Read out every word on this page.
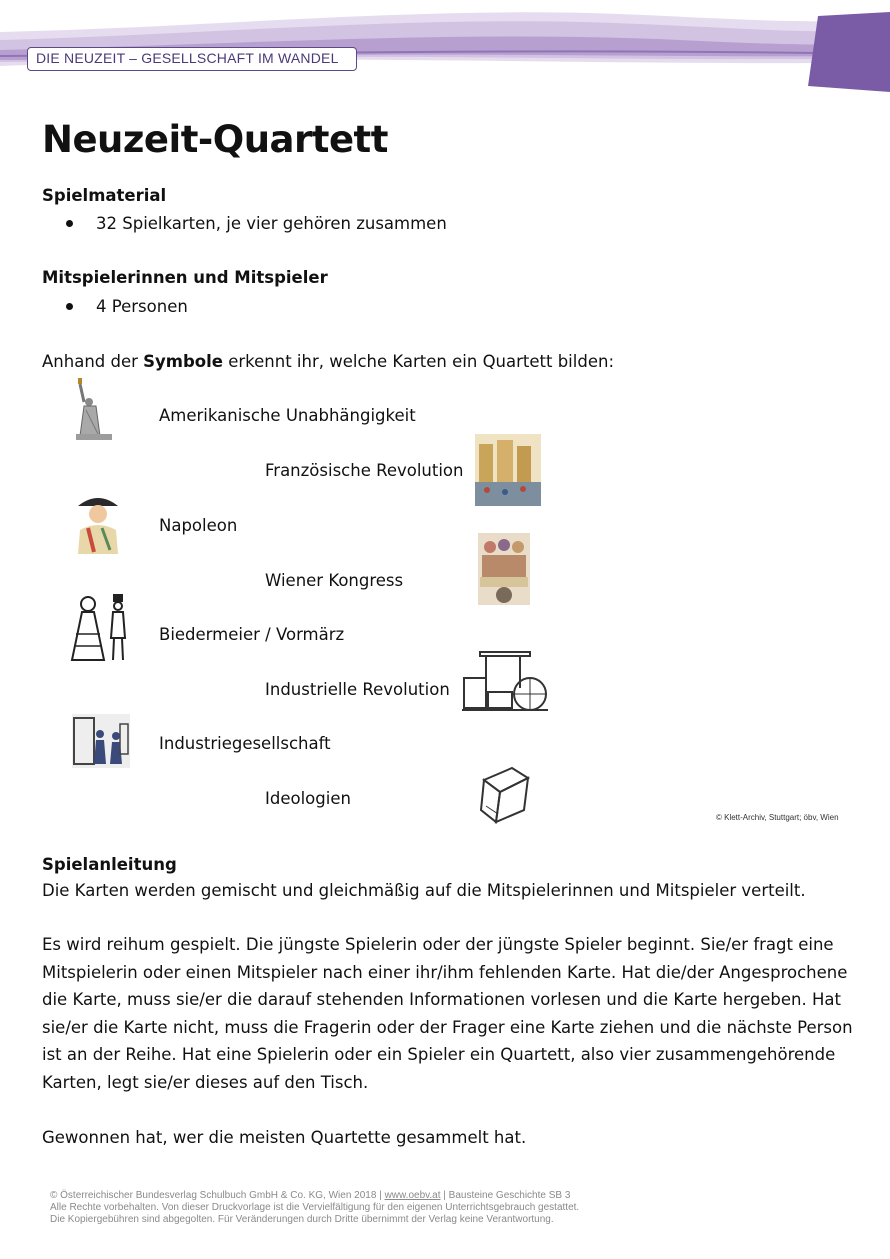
DIE NEUZEIT – GESELLSCHAFT IM WANDEL
Neuzeit-Quartett
Spielmaterial
32 Spielkarten, je vier gehören zusammen
Mitspielerinnen und Mitspieler
4 Personen
Anhand der Symbole erkennt ihr, welche Karten ein Quartett bilden:
Amerikanische Unabhängigkeit
Französische Revolution
Napoleon
Wiener Kongress
Biedermeier / Vormärz
Industrielle Revolution
Industriegesellschaft
Ideologien
© Klett-Archiv, Stuttgart; öbv, Wien
Spielanleitung

Die Karten werden gemischt und gleichmäßig auf die Mitspielerinnen und Mitspieler verteilt.

Es wird reihum gespielt. Die jüngste Spielerin oder der jüngste Spieler beginnt. Sie/er fragt eine Mitspielerin oder einen Mitspieler nach einer ihr/ihm fehlenden Karte. Hat die/der Angesprochene die Karte, muss sie/er die darauf stehenden Informationen vorlesen und die Karte hergeben. Hat sie/er die Karte nicht, muss die Fragerin oder der Frager eine Karte ziehen und die nächste Person ist an der Reihe. Hat eine Spielerin oder ein Spieler ein Quartett, also vier zusammengehörende Karten, legt sie/er dieses auf den Tisch.

Gewonnen hat, wer die meisten Quartette gesammelt hat.

© Österreichischer Bundesverlag Schulbuch GmbH & Co. KG, Wien 2018 | www.oebv.at | Bausteine Geschichte SB 3
Alle Rechte vorbehalten. Von dieser Druckvorlage ist die Vervielfältigung für den eigenen Unterrichtsgebrauch gestattet.
Die Kopiergebühren sind abgegolten. Für Veränderungen durch Dritte übernimmt der Verlag keine Verantwortung.
